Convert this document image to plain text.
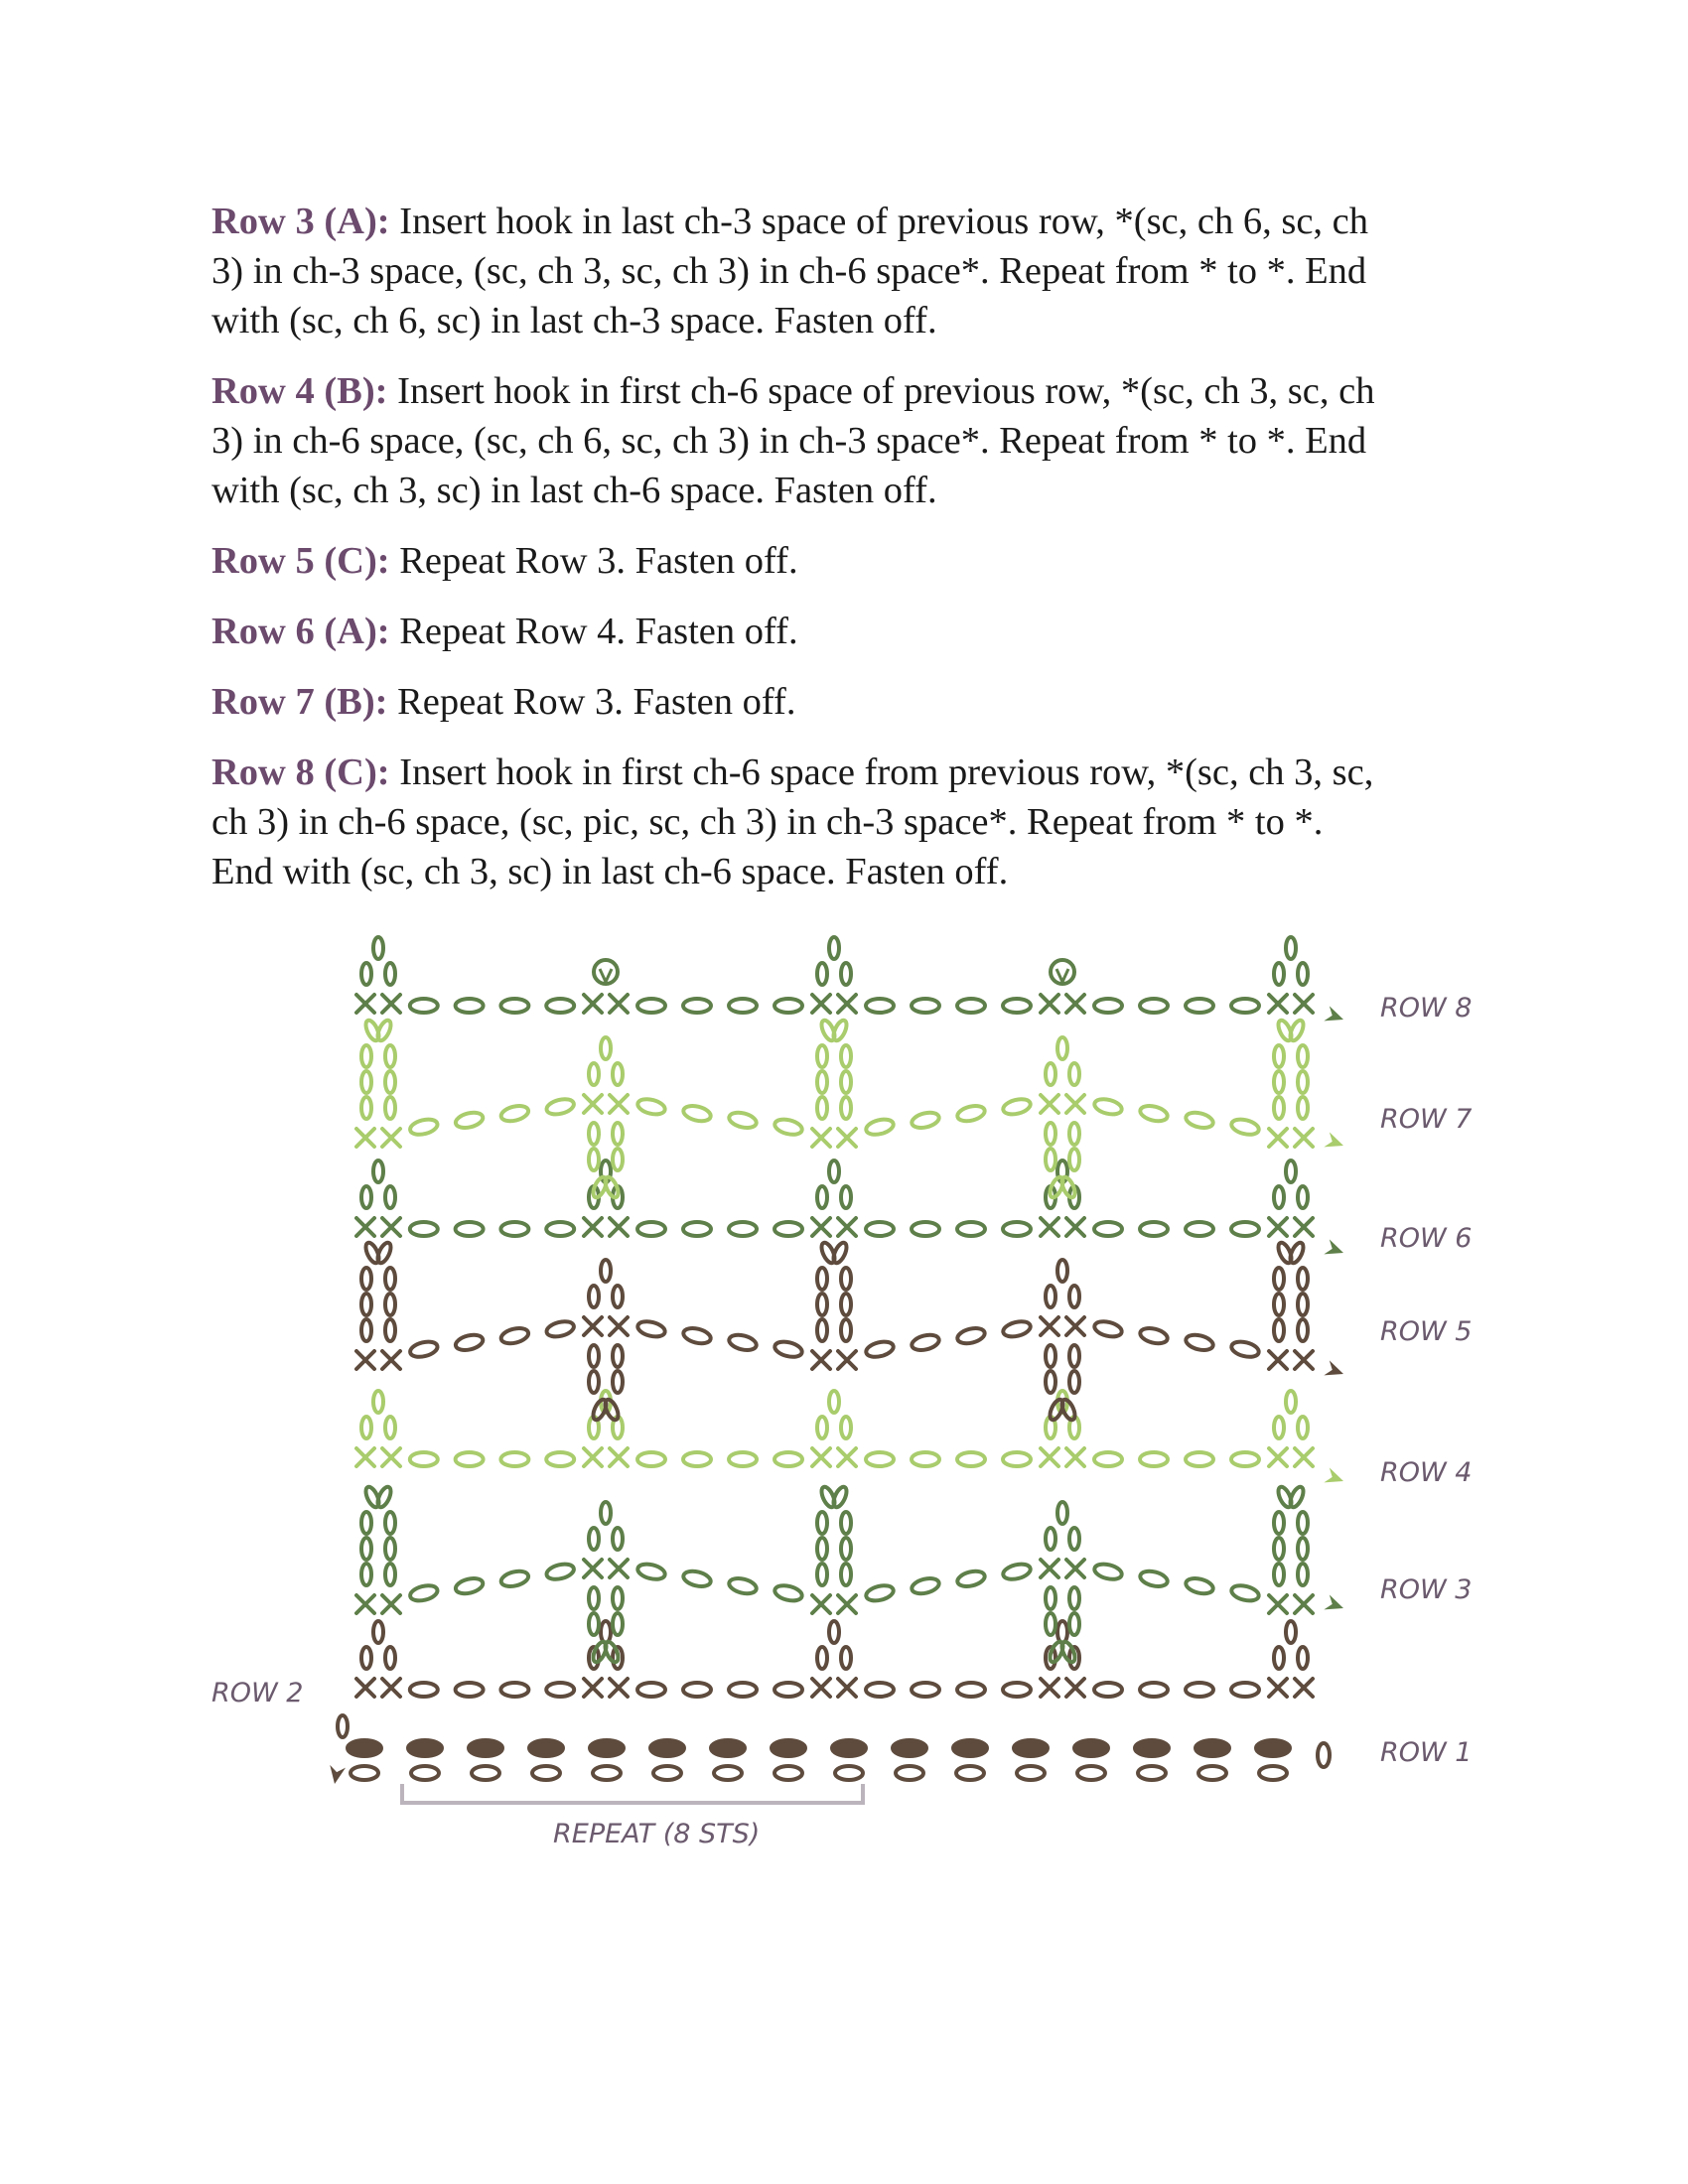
Row 3 (A): Insert hook in last ch-3 space of previous row, *(sc, ch 6, sc, ch
3) in ch-3 space, (sc, ch 3, sc, ch 3) in ch-6 space*. Repeat from * to *. End
with (sc, ch 6, sc) in last ch-3 space. Fasten off.

Row 4 (B): Insert hook in first ch-6 space of previous row, *(sc, ch 3, sc, ch
3) in ch-6 space, (sc, ch 6, sc, ch 3) in ch-3 space*. Repeat from * to *. End
with (sc, ch 3, sc) in last ch-6 space. Fasten off.

Row 5 (C): Repeat Row 3. Fasten off.

Row 6 (A): Repeat Row 4. Fasten off.

Row 7 (B): Repeat Row 3. Fasten off.

Row 8 (C): Insert hook in first ch-6 space from previous row, *(sc, ch 3, sc,
ch 3) in ch-6 space, (sc, pic, sc, ch 3) in ch-3 space*. Repeat from * to *.
End with (sc, ch 3, sc) in last ch-6 space. Fasten off.

ROW 8
ROW 7
ROW 6
ROW 5
ROW 4
ROW 3
ROW 2
ROW 1
REPEAT (8 STS)
